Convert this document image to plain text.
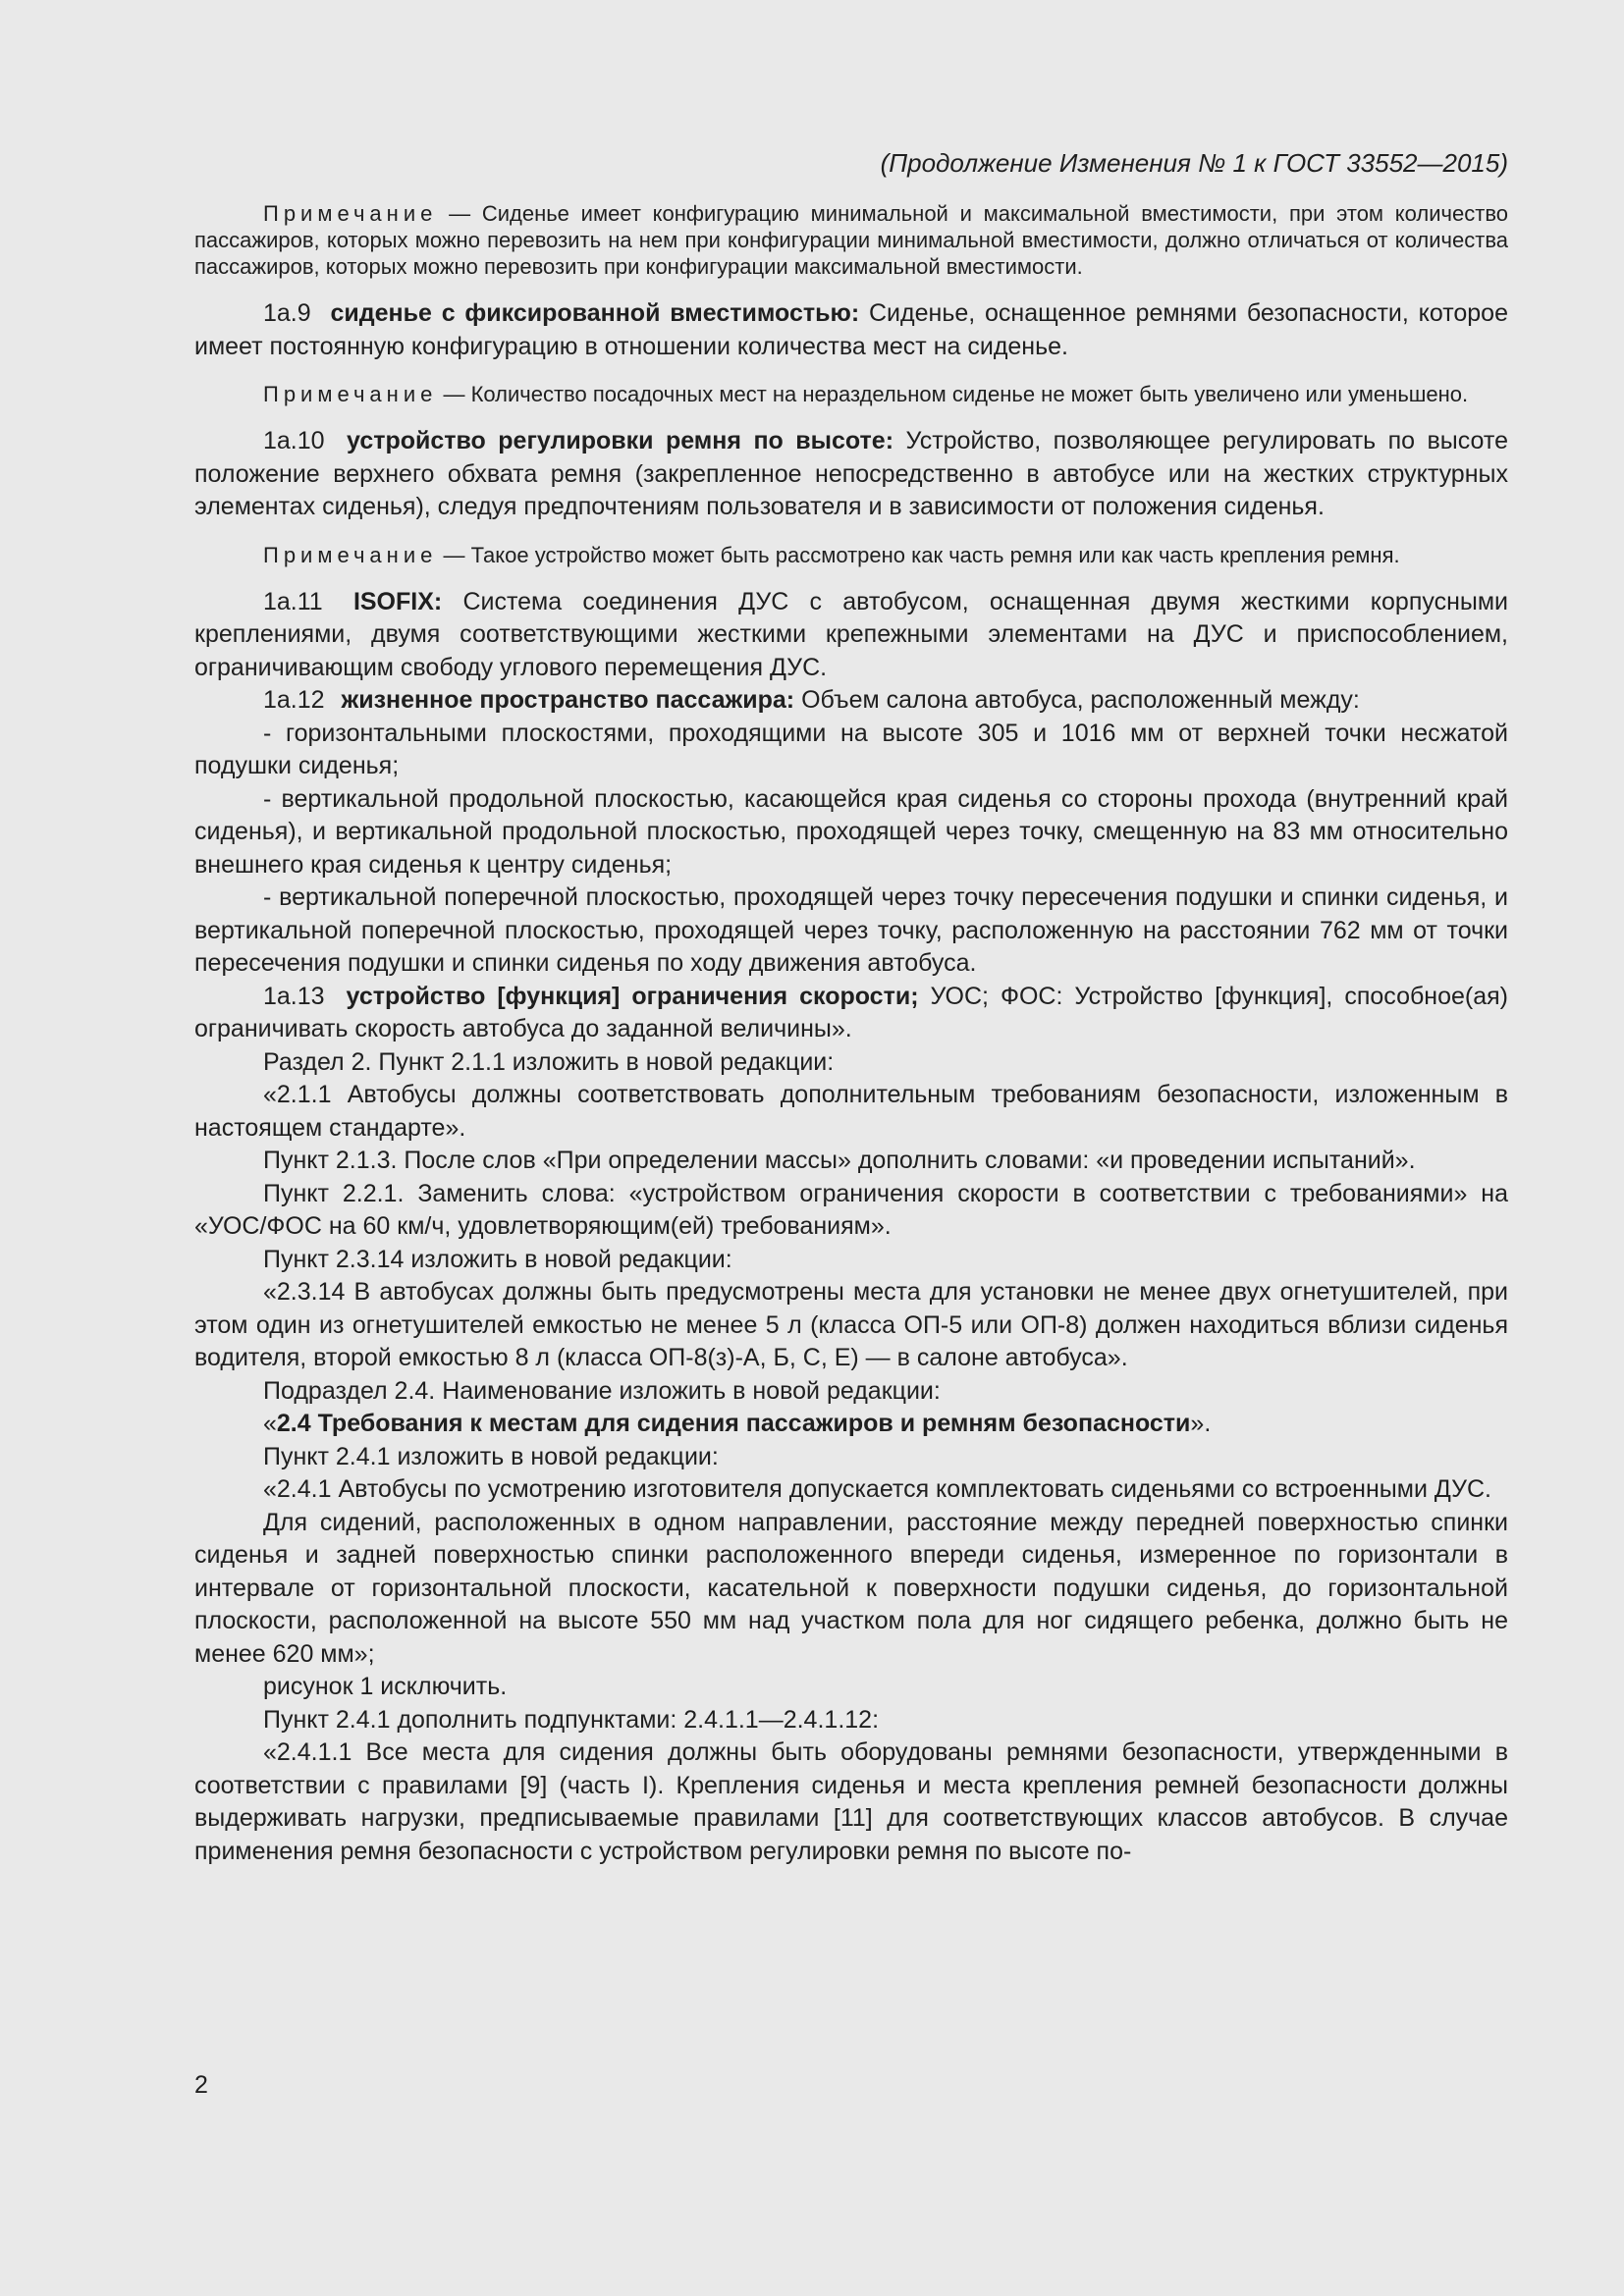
(Продолжение Изменения № 1 к ГОСТ 33552—2015)

Примечание — Сиденье имеет конфигурацию минимальной и максимальной вместимости, при этом количество пассажиров, которых можно перевозить на нем при конфигурации минимальной вместимости, должно отличаться от количества пассажиров, которых можно перевозить при конфигурации максимальной вместимости.

1а.9 сиденье с фиксированной вместимостью: Сиденье, оснащенное ремнями безопасности, которое имеет постоянную конфигурацию в отношении количества мест на сиденье.

Примечание — Количество посадочных мест на нераздельном сиденье не может быть увеличено или уменьшено.

1а.10 устройство регулировки ремня по высоте: Устройство, позволяющее регулировать по высоте положение верхнего обхвата ремня (закрепленное непосредственно в автобусе или на жестких структурных элементах сиденья), следуя предпочтениям пользователя и в зависимости от положения сиденья.

Примечание — Такое устройство может быть рассмотрено как часть ремня или как часть крепления ремня.

1а.11 ISOFIX: Система соединения ДУС с автобусом, оснащенная двумя жесткими корпусными креплениями, двумя соответствующими жесткими крепежными элементами на ДУС и приспособлением, ограничивающим свободу углового перемещения ДУС.

1а.12 жизненное пространство пассажира: Объем салона автобуса, расположенный между:

- горизонтальными плоскостями, проходящими на высоте 305 и 1016 мм от верхней точки несжатой подушки сиденья;

- вертикальной продольной плоскостью, касающейся края сиденья со стороны прохода (внутренний край сиденья), и вертикальной продольной плоскостью, проходящей через точку, смещенную на 83 мм относительно внешнего края сиденья к центру сиденья;

- вертикальной поперечной плоскостью, проходящей через точку пересечения подушки и спинки сиденья, и вертикальной поперечной плоскостью, проходящей через точку, расположенную на расстоянии 762 мм от точки пересечения подушки и спинки сиденья по ходу движения автобуса.

1а.13 устройство [функция] ограничения скорости; УОС; ФОС: Устройство [функция], способное(ая) ограничивать скорость автобуса до заданной величины».

Раздел 2. Пункт 2.1.1 изложить в новой редакции:

«2.1.1 Автобусы должны соответствовать дополнительным требованиям безопасности, изложенным в настоящем стандарте».

Пункт 2.1.3. После слов «При определении массы» дополнить словами: «и проведении испытаний».

Пункт 2.2.1. Заменить слова: «устройством ограничения скорости в соответствии с требованиями» на «УОС/ФОС на 60 км/ч, удовлетворяющим(ей) требованиям».

Пункт 2.3.14 изложить в новой редакции:

«2.3.14 В автобусах должны быть предусмотрены места для установки не менее двух огнетушителей, при этом один из огнетушителей емкостью не менее 5 л (класса ОП-5 или ОП-8) должен находиться вблизи сиденья водителя, второй емкостью 8 л (класса ОП-8(з)-А, Б, С, Е) — в салоне автобуса».

Подраздел 2.4. Наименование изложить в новой редакции:

«2.4 Требования к местам для сидения пассажиров и ремням безопасности».

Пункт 2.4.1 изложить в новой редакции:

«2.4.1 Автобусы по усмотрению изготовителя допускается комплектовать сиденьями со встроенными ДУС.

Для сидений, расположенных в одном направлении, расстояние между передней поверхностью спинки сиденья и задней поверхностью спинки расположенного впереди сиденья, измеренное по горизонтали в интервале от горизонтальной плоскости, касательной к поверхности подушки сиденья, до горизонтальной плоскости, расположенной на высоте 550 мм над участком пола для ног сидящего ребенка, должно быть не менее 620 мм»;

рисунок 1 исключить.

Пункт 2.4.1 дополнить подпунктами: 2.4.1.1—2.4.1.12:

«2.4.1.1 Все места для сидения должны быть оборудованы ремнями безопасности, утвержденными в соответствии с правилами [9] (часть I). Крепления сиденья и места крепления ремней безопасности должны выдерживать нагрузки, предписываемые правилами [11] для соответствующих классов автобусов. В случае применения ремня безопасности с устройством регулировки ремня по высоте по-

2
